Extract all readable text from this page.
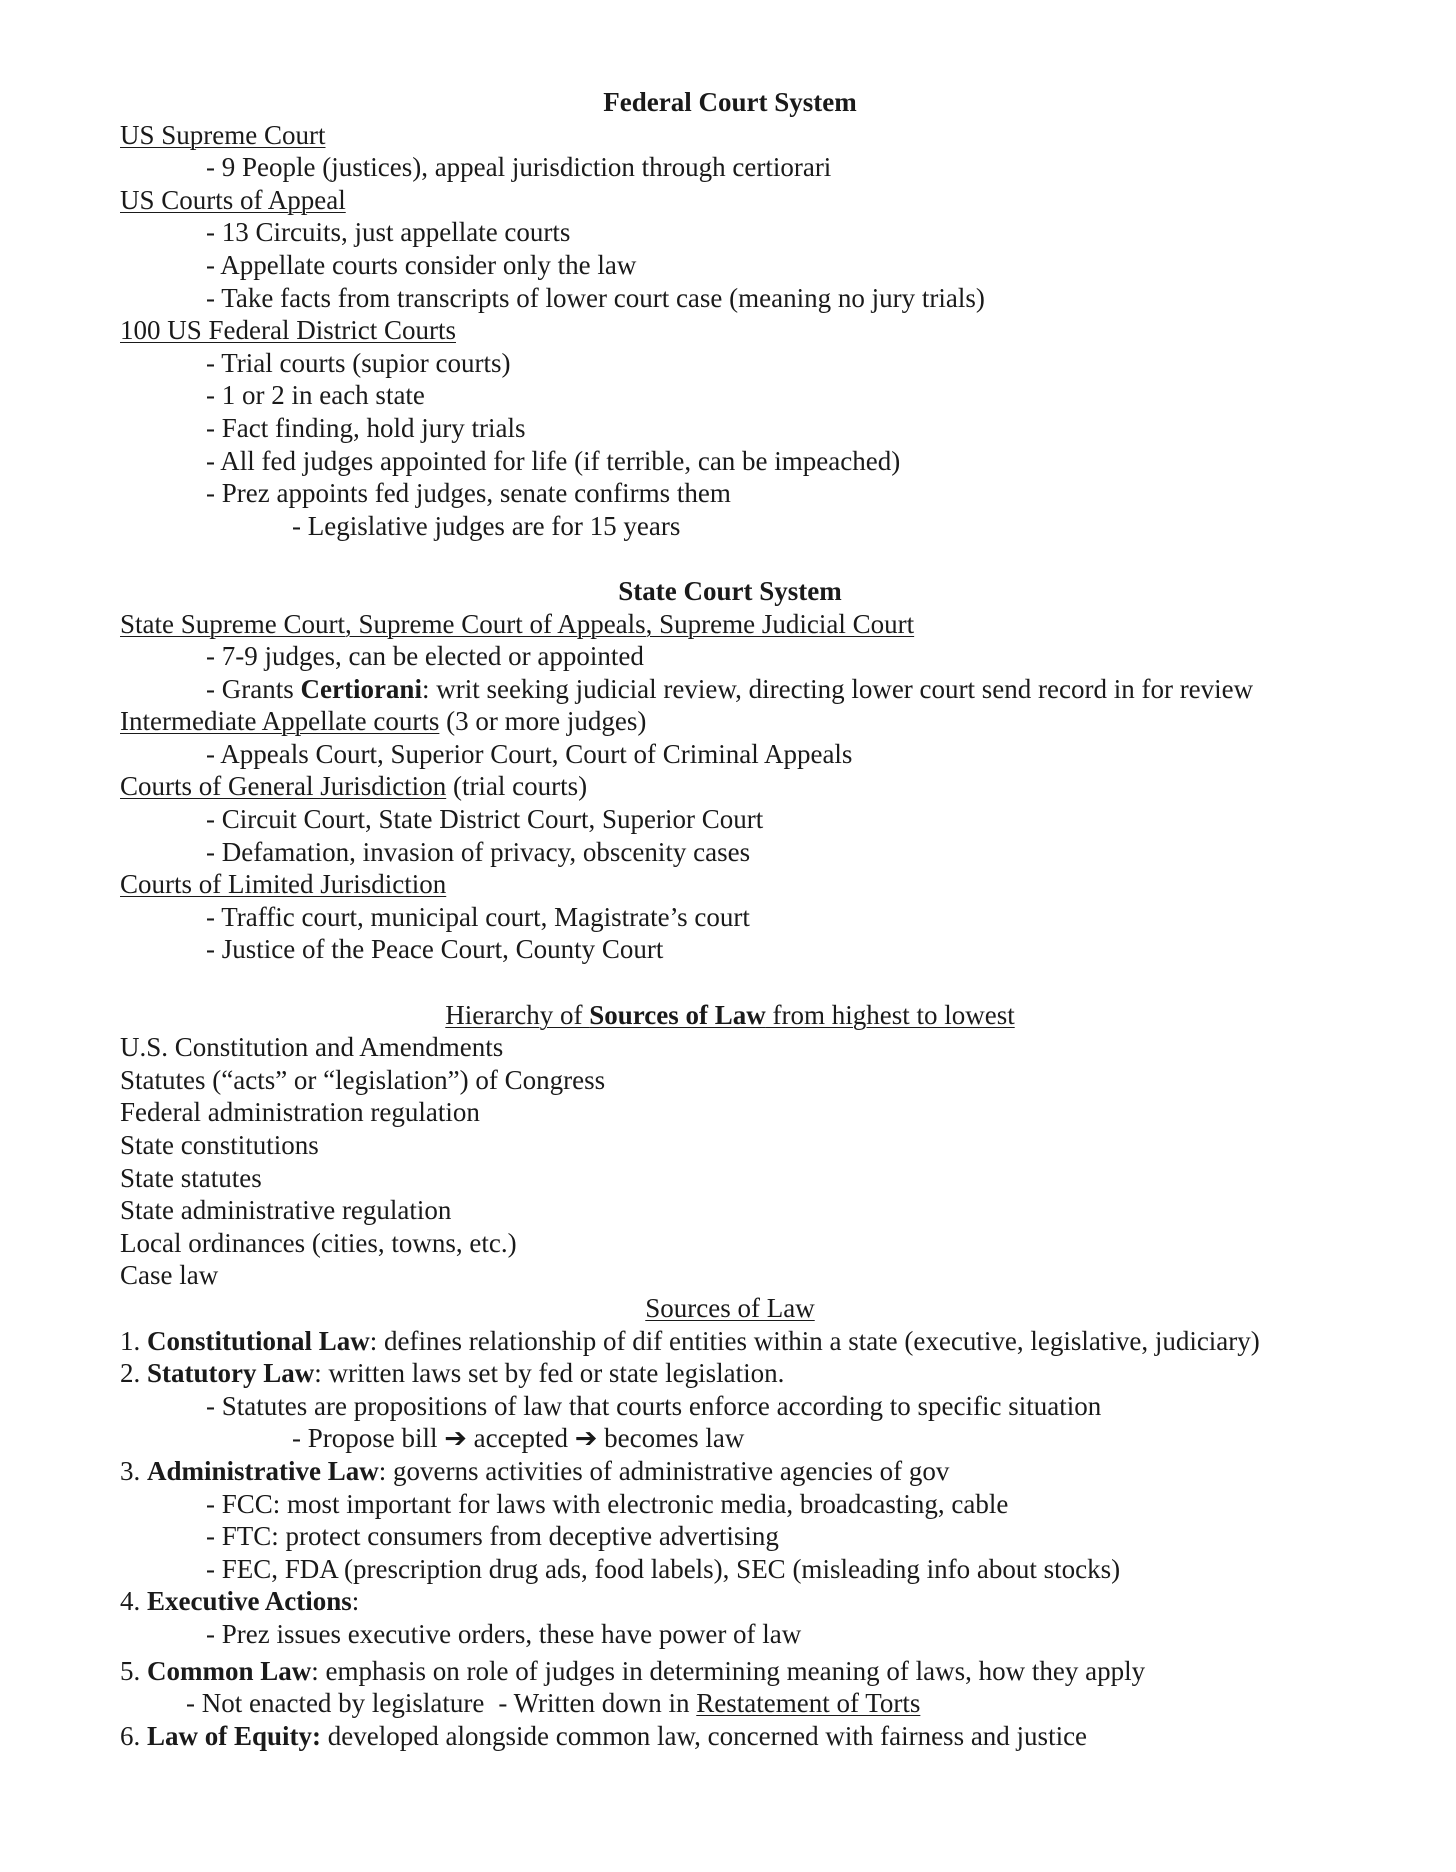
Federal Court System
US Supreme Court
- 9 People (justices), appeal jurisdiction through certiorari
US Courts of Appeal
- 13 Circuits, just appellate courts
- Appellate courts consider only the law
- Take facts from transcripts of lower court case (meaning no jury trials)
100 US Federal District Courts
- Trial courts (supior courts)
- 1 or 2 in each state
- Fact finding, hold jury trials
- All fed judges appointed for life (if terrible, can be impeached)
- Prez appoints fed judges, senate confirms them
- Legislative judges are for 15 years
State Court System
State Supreme Court, Supreme Court of Appeals, Supreme Judicial Court
- 7-9 judges, can be elected or appointed
- Grants Certiorani: writ seeking judicial review, directing lower court send record in for review
Intermediate Appellate courts (3 or more judges)
- Appeals Court, Superior Court, Court of Criminal Appeals
Courts of General Jurisdiction (trial courts)
- Circuit Court, State District Court, Superior Court
- Defamation, invasion of privacy, obscenity cases
Courts of Limited Jurisdiction
- Traffic court, municipal court, Magistrate’s court
- Justice of the Peace Court, County Court
Hierarchy of Sources of Law from highest to lowest
U.S. Constitution and Amendments
Statutes (“acts” or “legislation”) of Congress
Federal administration regulation
State constitutions
State statutes
State administrative regulation
Local ordinances (cities, towns, etc.)
Case law
Sources of Law
1. Constitutional Law: defines relationship of dif entities within a state (executive, legislative, judiciary)
2. Statutory Law: written laws set by fed or state legislation.
- Statutes are propositions of law that courts enforce according to specific situation
- Propose bill ➔ accepted ➔ becomes law
3. Administrative Law: governs activities of administrative agencies of gov
- FCC: most important for laws with electronic media, broadcasting, cable
- FTC: protect consumers from deceptive advertising
- FEC, FDA (prescription drug ads, food labels), SEC (misleading info about stocks)
4. Executive Actions:
- Prez issues executive orders, these have power of law
5. Common Law: emphasis on role of judges in determining meaning of laws, how they apply
- Not enacted by legislature - Written down in Restatement of Torts
6. Law of Equity: developed alongside common law, concerned with fairness and justice
